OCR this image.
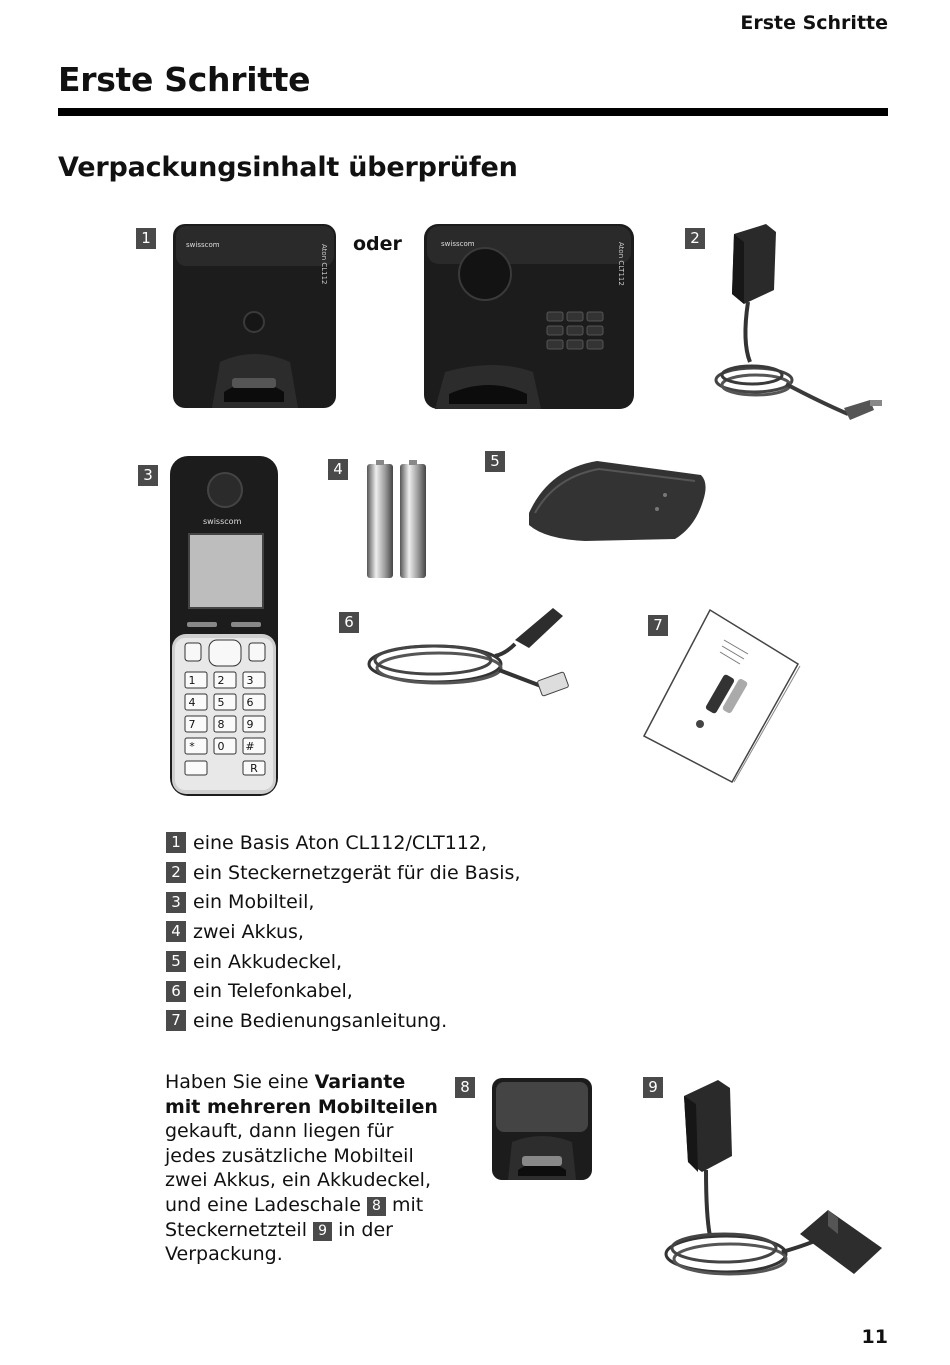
Erste Schritte
Erste Schritte
Verpackungsinhalt überprüfen
1	2
3	4	5
6	7
8	9
oder
swisscom	Aton CL112	swisscom	Aton CLT112
swisscom
1 2 3
4 5 6
7 8 9
* 0 #
R
1 eine Basis Aton CL112/CLT112,
2 ein Steckernetzgerät für die Basis,
3 ein Mobilteil,
4 zwei Akkus,
5 ein Akkudeckel,
6 ein Telefonkabel,
7 eine Bedienungsanleitung.
Haben Sie eine Variante mit mehreren Mobilteilen gekauft, dann liegen für jedes zusätzliche Mobilteil zwei Akkus, ein Akkudeckel, und eine Ladeschale 8 mit Steckernetzteil 9 in der Verpackung.
11
